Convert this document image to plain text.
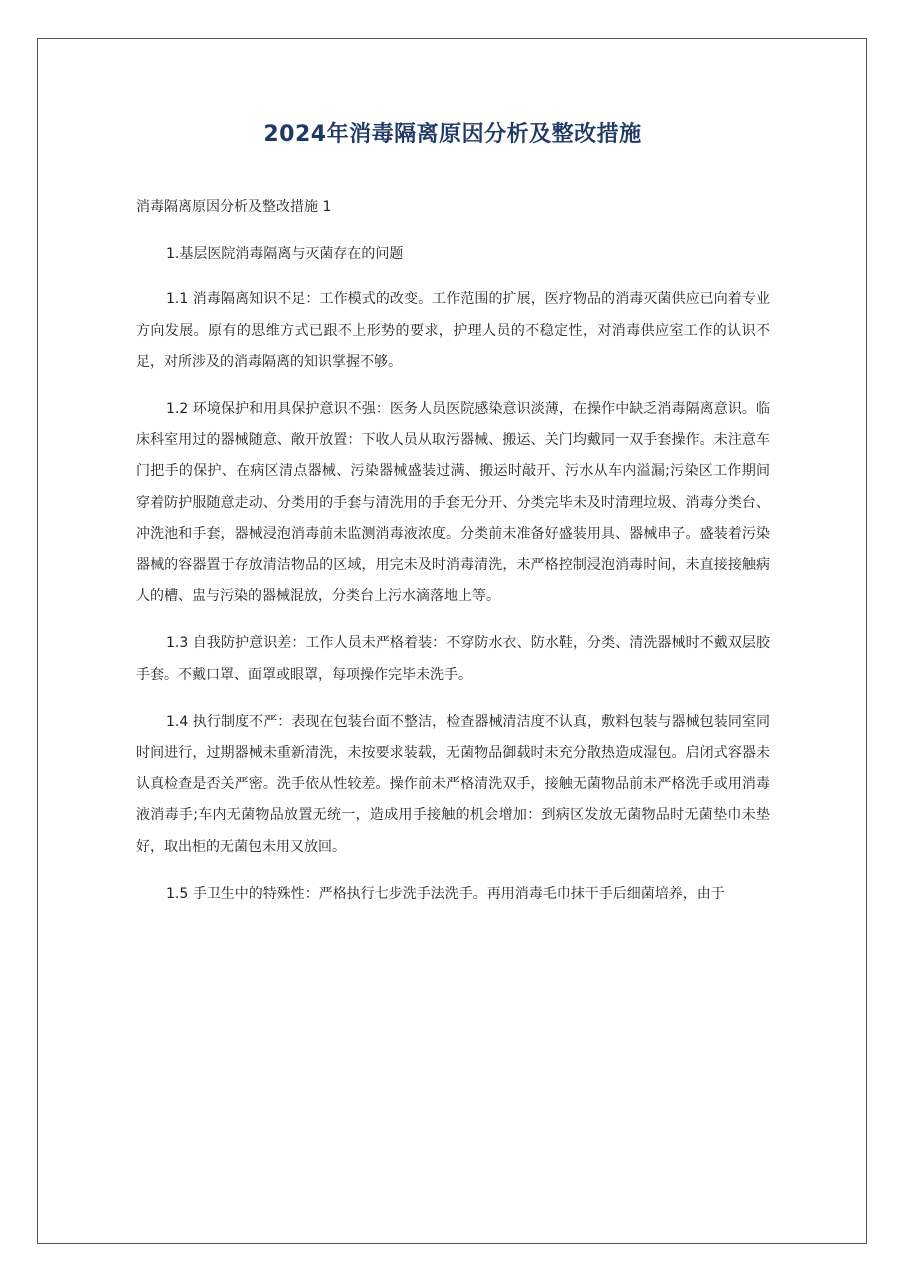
2024年消毒隔离原因分析及整改措施

消毒隔离原因分析及整改措施 1

1.基层医院消毒隔离与灭菌存在的问题

1.1 消毒隔离知识不足：工作模式的改变。工作范围的扩展，医疗物品的消毒灭菌供应已向着专业方向发展。原有的思维方式已跟不上形势的要求，护理人员的不稳定性，对消毒供应室工作的认识不足，对所涉及的消毒隔离的知识掌握不够。

1.2 环境保护和用具保护意识不强：医务人员医院感染意识淡薄，在操作中缺乏消毒隔离意识。临床科室用过的器械随意、敞开放置：下收人员从取污器械、搬运、关门均戴同一双手套操作。未注意车门把手的保护、在病区清点器械、污染器械盛装过满、搬运时敲开、污水从车内溢漏;污染区工作期间穿着防护服随意走动、分类用的手套与清洗用的手套无分开、分类完毕未及时清理垃圾、消毒分类台、冲洗池和手套，器械浸泡消毒前未监测消毒液浓度。分类前未准备好盛装用具、器械串子。盛装着污染器械的容器置于存放清洁物品的区域，用完未及时消毒清洗，未严格控制浸泡消毒时间，未直接接触病人的槽、盅与污染的器械混放，分类台上污水滴落地上等。

1.3 自我防护意识差：工作人员未严格着装：不穿防水衣、防水鞋，分类、清洗器械时不戴双层胶手套。不戴口罩、面罩或眼罩，每项操作完毕未洗手。

1.4 执行制度不严：表现在包装台面不整洁，检查器械清洁度不认真，敷料包装与器械包装同室同时间进行，过期器械未重新清洗，未按要求装载，无菌物品御载时未充分散热造成湿包。启闭式容器未认真检查是否关严密。洗手依从性较差。操作前未严格清洗双手，接触无菌物品前未严格洗手或用消毒液消毒手;车内无菌物品放置无统一，造成用手接触的机会增加：到病区发放无菌物品时无菌垫巾未垫好，取出柜的无菌包未用又放回。

1.5 手卫生中的特殊性：严格执行七步洗手法洗手。再用消毒毛巾抹干手后细菌培养，由于
